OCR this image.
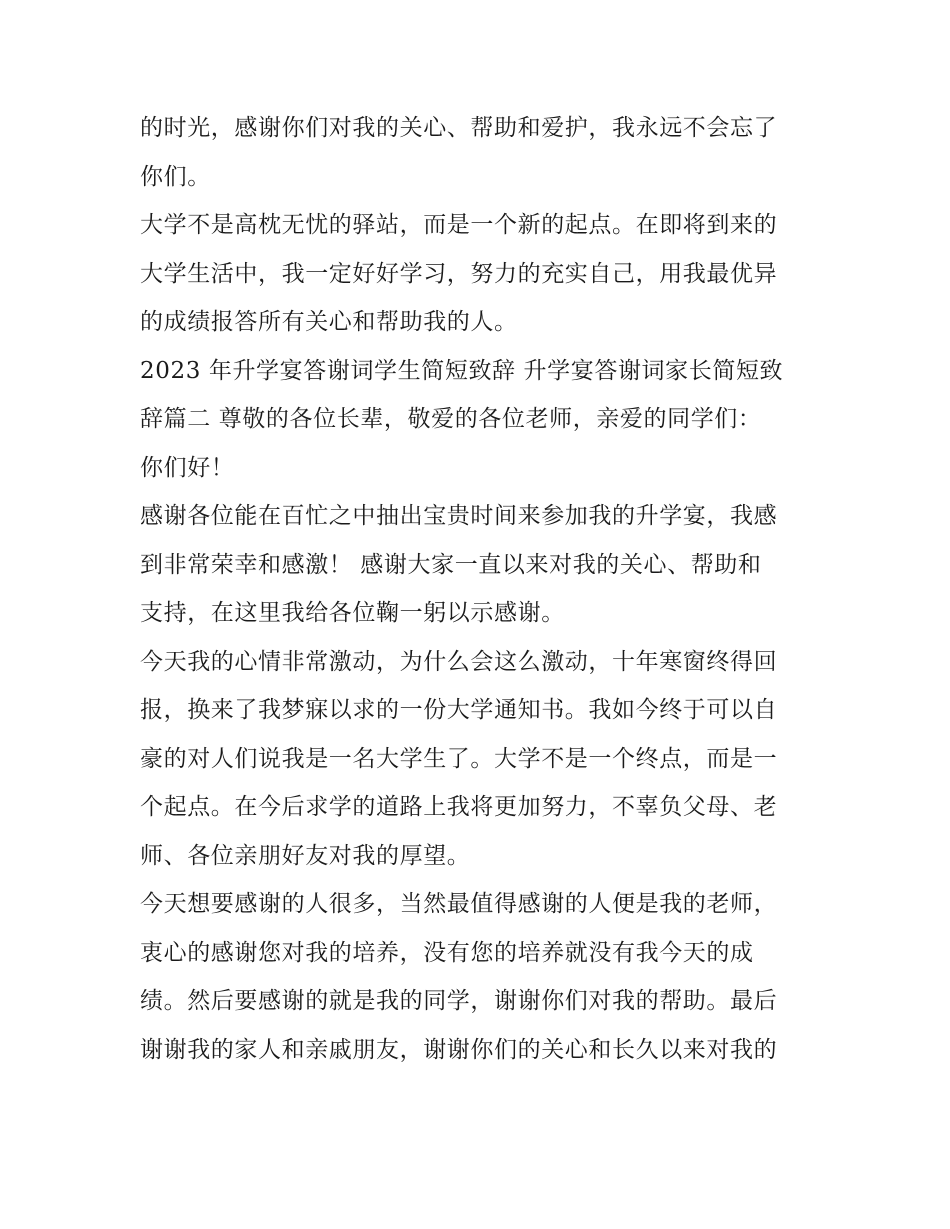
的时光，感谢你们对我的关心、帮助和爱护，我永远不会忘了
你们。
大学不是高枕无忧的驿站，而是一个新的起点。在即将到来的
大学生活中，我一定好好学习，努力的充实自己，用我最优异
的成绩报答所有关心和帮助我的人。
2023 年升学宴答谢词学生简短致辞 升学宴答谢词家长简短致
辞篇二 尊敬的各位长辈，敬爱的各位老师，亲爱的同学们：
你们好！
感谢各位能在百忙之中抽出宝贵时间来参加我的升学宴，我感
到非常荣幸和感激！ 感谢大家一直以来对我的关心、帮助和
支持，在这里我给各位鞠一躬以示感谢。
今天我的心情非常激动，为什么会这么激动，十年寒窗终得回
报，换来了我梦寐以求的一份大学通知书。我如今终于可以自
豪的对人们说我是一名大学生了。大学不是一个终点，而是一
个起点。在今后求学的道路上我将更加努力，不辜负父母、老
师、各位亲朋好友对我的厚望。
今天想要感谢的人很多，当然最值得感谢的人便是我的老师，
衷心的感谢您对我的培养，没有您的培养就没有我今天的成
绩。然后要感谢的就是我的同学，谢谢你们对我的帮助。最后
谢谢我的家人和亲戚朋友，谢谢你们的关心和长久以来对我的
